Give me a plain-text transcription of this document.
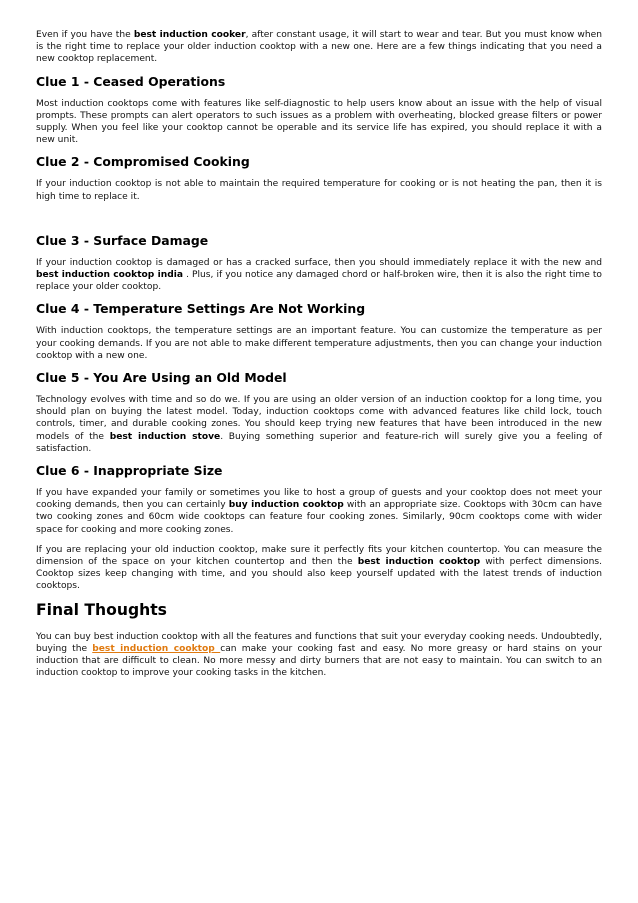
Even if you have the best induction cooker, after constant usage, it will start to wear and tear. But you must know when is the right time to replace your older induction cooktop with a new one. Here are a few things indicating that you need a new cooktop replacement.

Clue 1 - Ceased Operations

Most induction cooktops come with features like self-diagnostic to help users know about an issue with the help of visual prompts. These prompts can alert operators to such issues as a problem with overheating, blocked grease filters or power supply. When you feel like your cooktop cannot be operable and its service life has expired, you should replace it with a new unit.

Clue 2 - Compromised Cooking

If your induction cooktop is not able to maintain the required temperature for cooking or is not heating the pan, then it is high time to replace it.

Clue 3 - Surface Damage

If your induction cooktop is damaged or has a cracked surface, then you should immediately replace it with the new and best induction cooktop india . Plus, if you notice any damaged chord or half-broken wire, then it is also the right time to replace your older cooktop.

Clue 4 - Temperature Settings Are Not Working

With induction cooktops, the temperature settings are an important feature. You can customize the temperature as per your cooking demands. If you are not able to make different temperature adjustments, then you can change your induction cooktop with a new one.

Clue 5 - You Are Using an Old Model

Technology evolves with time and so do we. If you are using an older version of an induction cooktop for a long time, you should plan on buying the latest model. Today, induction cooktops come with advanced features like child lock, touch controls, timer, and durable cooking zones. You should keep trying new features that have been introduced in the new models of the best induction stove. Buying something superior and feature-rich will surely give you a feeling of satisfaction.

Clue 6 - Inappropriate Size

If you have expanded your family or sometimes you like to host a group of guests and your cooktop does not meet your cooking demands, then you can certainly buy induction cooktop with an appropriate size. Cooktops with 30cm can have two cooking zones and 60cm wide cooktops can feature four cooking zones. Similarly, 90cm cooktops come with wider space for cooking and more cooking zones.

If you are replacing your old induction cooktop, make sure it perfectly fits your kitchen countertop. You can measure the dimension of the space on your kitchen countertop and then the best induction cooktop with perfect dimensions. Cooktop sizes keep changing with time, and you should also keep yourself updated with the latest trends of induction cooktops.

Final Thoughts

You can buy best induction cooktop with all the features and functions that suit your everyday cooking needs. Undoubtedly, buying the best induction cooktop can make your cooking fast and easy. No more greasy or hard stains on your induction that are difficult to clean. No more messy and dirty burners that are not easy to maintain. You can switch to an induction cooktop to improve your cooking tasks in the kitchen.
